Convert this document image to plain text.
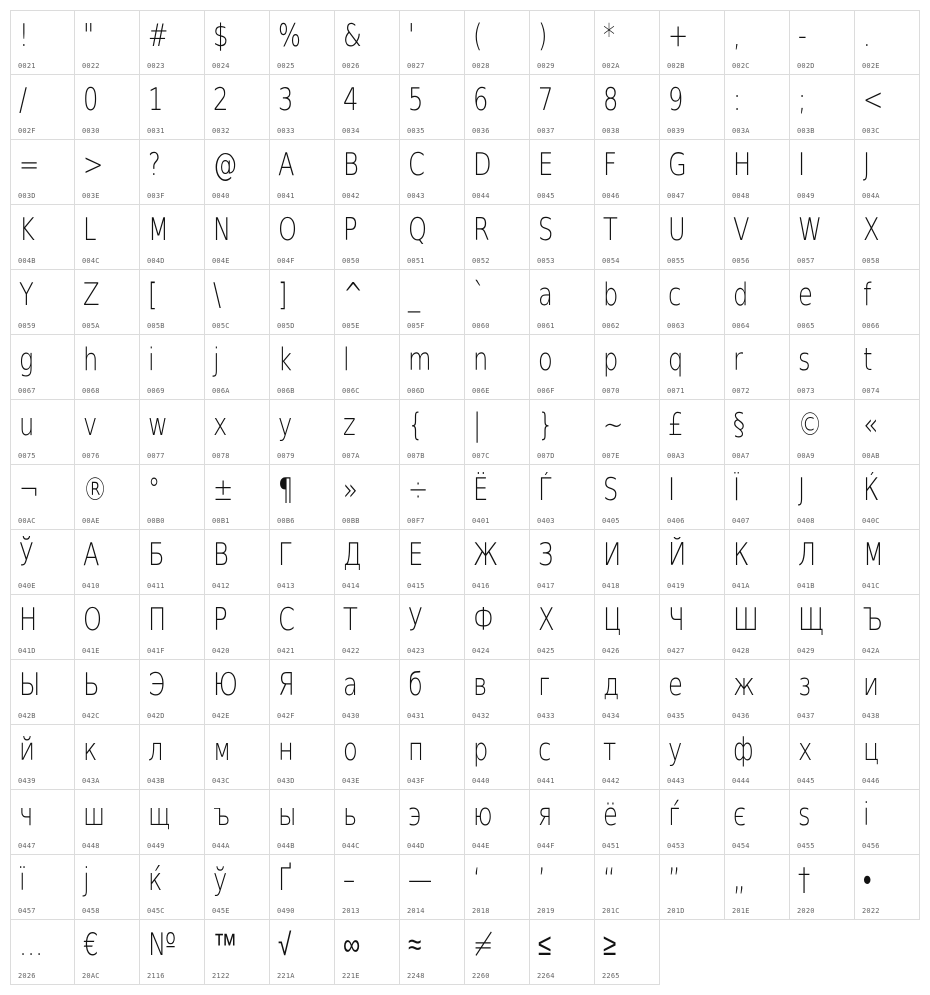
!
0021
"
0022
#
0023
$
0024
%
0025
&
0026
'
0027
(
0028
)
0029
*
002A
+
002B
,
002C
-
002D
.
002E
/
002F
0
0030
1
0031
2
0032
3
0033
4
0034
5
0035
6
0036
7
0037
8
0038
9
0039
:
003A
;
003B
<
003C
=
003D
>
003E
?
003F
@
0040
A
0041
B
0042
C
0043
D
0044
E
0045
F
0046
G
0047
H
0048
I
0049
J
004A
K
004B
L
004C
M
004D
N
004E
O
004F
P
0050
Q
0051
R
0052
S
0053
T
0054
U
0055
V
0056
W
0057
X
0058
Y
0059
Z
005A
[
005B
\
005C
]
005D
^
005E
_
005F
`
0060
a
0061
b
0062
c
0063
d
0064
e
0065
f
0066
g
0067
h
0068
i
0069
j
006A
k
006B
l
006C
m
006D
n
006E
o
006F
p
0070
q
0071
r
0072
s
0073
t
0074
u
0075
v
0076
w
0077
x
0078
y
0079
z
007A
{
007B
|
007C
}
007D
~
007E
£
00A3
§
00A7
©
00A9
«
00AB
¬
00AC
®
00AE
°
00B0
±
00B1
¶
00B6
»
00BB
÷
00F7
Ё
0401
Ѓ
0403
Ѕ
0405
І
0406
Ї
0407
Ј
0408
Ќ
040C
Ў
040E
А
0410
Б
0411
В
0412
Г
0413
Д
0414
Е
0415
Ж
0416
З
0417
И
0418
Й
0419
К
041A
Л
041B
М
041C
Н
041D
О
041E
П
041F
Р
0420
С
0421
Т
0422
У
0423
Ф
0424
Х
0425
Ц
0426
Ч
0427
Ш
0428
Щ
0429
Ъ
042A
Ы
042B
Ь
042C
Э
042D
Ю
042E
Я
042F
а
0430
б
0431
в
0432
г
0433
д
0434
е
0435
ж
0436
з
0437
и
0438
й
0439
к
043A
л
043B
м
043C
н
043D
о
043E
п
043F
р
0440
с
0441
т
0442
у
0443
ф
0444
х
0445
ц
0446
ч
0447
ш
0448
щ
0449
ъ
044A
ы
044B
ь
044C
э
044D
ю
044E
я
044F
ё
0451
ѓ
0453
є
0454
ѕ
0455
і
0456
ї
0457
ј
0458
ќ
045C
ў
045E
Ґ
0490
–
2013
—
2014
‘
2018
’
2019
“
201C
”
201D
„
201E
†
2020
•
2022
…
2026
€
20AC
№
2116
™
2122
√
221A
∞
221E
≈
2248
≠
2260
≤
2264
≥
2265
